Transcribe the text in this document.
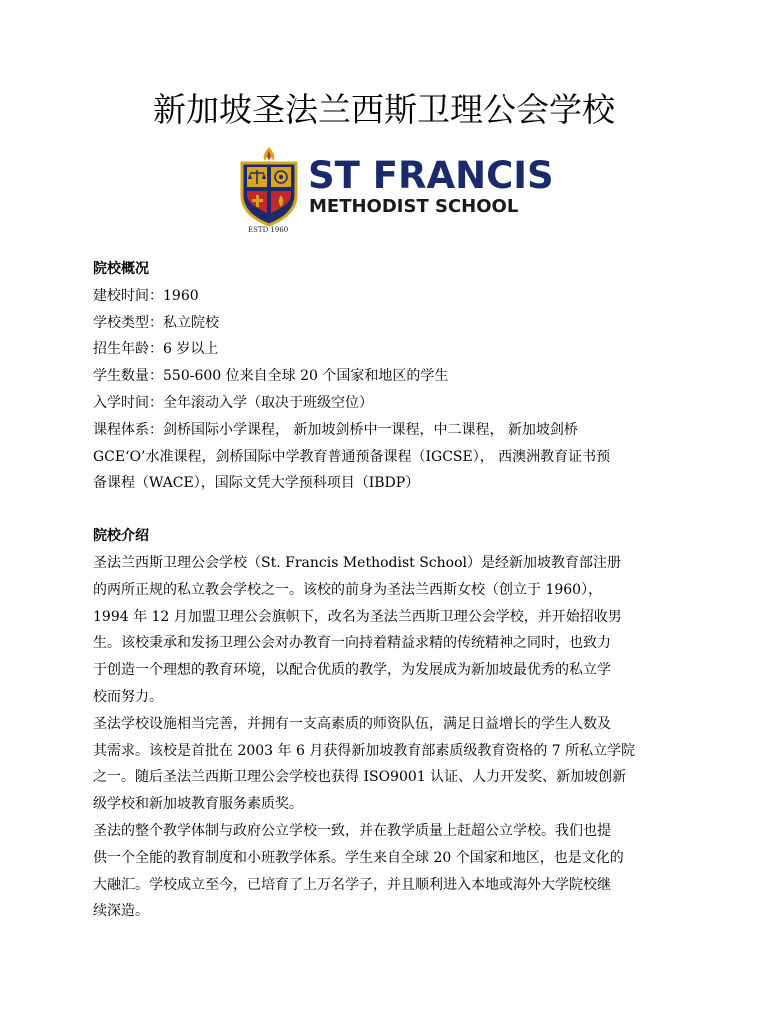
新加坡圣法兰西斯卫理公会学校
ST FRANCIS
METHODIST SCHOOL
ESTD 1960

院校概况

建校时间：1960

学校类型：私立院校

招生年龄：6 岁以上

学生数量：550-600 位来自全球 20 个国家和地区的学生

入学时间：全年滚动入学（取决于班级空位）

课程体系：剑桥国际小学课程， 新加坡剑桥中一课程，中二课程， 新加坡剑桥

GCE‘O’水准课程，剑桥国际中学教育普通预备课程（IGCSE）， 西澳洲教育证书预

备课程（WACE），国际文凭大学预科项目（IBDP）

院校介绍

圣法兰西斯卫理公会学校（St. Francis Methodist School）是经新加坡教育部注册

的两所正规的私立教会学校之一。该校的前身为圣法兰西斯女校（创立于 1960），

1994 年 12 月加盟卫理公会旗帜下，改名为圣法兰西斯卫理公会学校，并开始招收男

生。该校秉承和发扬卫理公会对办教育一向持着精益求精的传统精神之同时，也致力

于创造一个理想的教育环境，以配合优质的教学，为发展成为新加坡最优秀的私立学

校而努力。

圣法学校设施相当完善，并拥有一支高素质的师资队伍，满足日益增长的学生人数及

其需求。该校是首批在 2003 年 6 月获得新加坡教育部素质级教育资格的 7 所私立学院

之一。随后圣法兰西斯卫理公会学校也获得 ISO9001 认证、人力开发奖、新加坡创新

级学校和新加坡教育服务素质奖。

圣法的整个教学体制与政府公立学校一致，并在教学质量上赶超公立学校。我们也提

供一个全能的教育制度和小班教学体系。学生来自全球 20 个国家和地区，也是文化的

大融汇。学校成立至今，已培育了上万名学子，并且顺利进入本地或海外大学院校继

续深造。
